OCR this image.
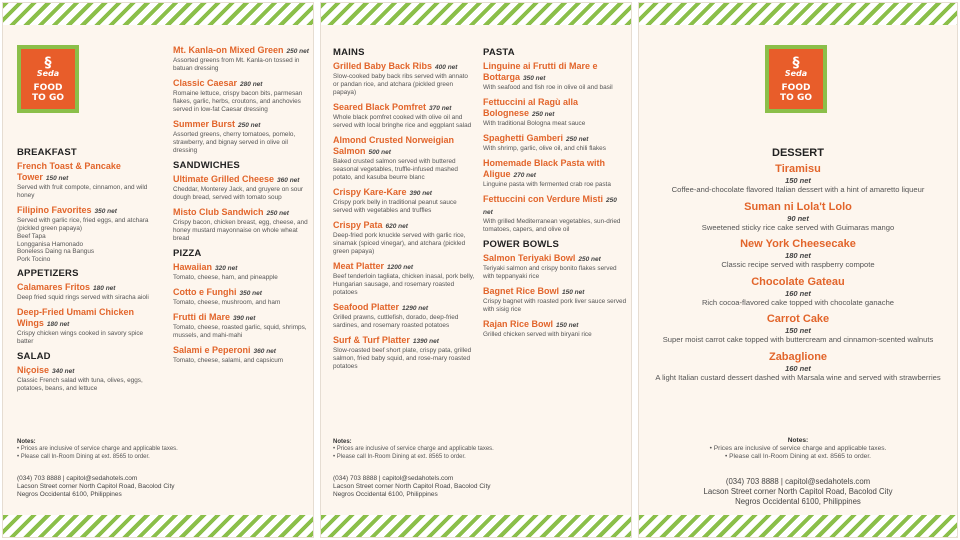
§
Seda
FOOD
TO GO
BREAKFAST
French Toast & Pancake Tower 150 net
Served with fruit compote, cinnamon, and wild honey
Filipino Favorites 350 net
Served with garlic rice, fried eggs, and atchara (pickled green papaya)
Beef Tapa
Longganisa Hamonado
Boneless Daing na Bangus
Pork Tocino
APPETIZERS
Calamares Fritos 180 net
Deep fried squid rings served with siracha aioli
Deep-Fried Umami Chicken Wings 180 net
Crispy chicken wings cooked in savory spice batter
SALAD
Niçoise 340 net
Classic French salad with tuna, olives, eggs, potatoes, beans, and lettuce
Mt. Kanla-on Mixed Green 250 net
Assorted greens from Mt. Kanla-on tossed in batuan dressing
Classic Caesar 280 net
Romaine lettuce, crispy bacon bits, parmesan flakes, garlic, herbs, croutons, and anchovies served in low-fat Caesar dressing
Summer Burst 250 net
Assorted greens, cherry tomatoes, pomelo, strawberry, and bignay served in olive oil dressing
SANDWICHES
Ultimate Grilled Cheese 360 net
Cheddar, Monterey Jack, and gruyere on sour dough bread, served with tomato soup
Misto Club Sandwich 250 net
Crispy bacon, chicken breast, egg, cheese, and honey mustard mayonnaise on whole wheat bread
PIZZA
Hawaiian 320 net
Tomato, cheese, ham, and pineapple
Cotto e Funghi 350 net
Tomato, cheese, mushroom, and ham
Frutti di Mare 390 net
Tomato, cheese, roasted garlic, squid, shrimps, mussels, and mahi-mahi
Salami e Peperoni 360 net
Tomato, cheese, salami, and capsicum
Notes:
• Prices are inclusive of service charge and applicable taxes.
• Please call In-Room Dining at ext. 8565 to order.
(034) 703 8888 | capitol@sedahotels.com
Lacson Street corner North Capitol Road, Bacolod City
Negros Occidental 6100, Philippines
MAINS
Grilled Baby Back Ribs 400 net
Slow-cooked baby back ribs served with annato or pandan rice, and atchara (pickled green papaya)
Seared Black Pomfret 370 net
Whole black pomfret cooked with olive oil and served with local bringhe rice and eggplant salad
Almond Crusted Norweigian Salmon 500 net
Baked crusted salmon served with buttered seasonal vegetables, truffle-infused mashed potato, and kasuba beurre blanc
Crispy Kare-Kare 390 net
Crispy pork belly in traditional peanut sauce served with vegetables and truffles
Crispy Pata 620 net
Deep-fried pork knuckle served with garlic rice, sinamak (spiced vinegar), and atchara (pickled green papaya)
Meat Platter 1200 net
Beef tenderloin tagliata, chicken inasal, pork belly, Hungarian sausage, and rosemary roasted potatoes
Seafood Platter 1290 net
Grilled prawns, cuttlefish, dorado, deep-fried sardines, and rosemary roasted potatoes
Surf & Turf Platter 1390 net
Slow-roasted beef short plate, crispy pata, grilled salmon, fried baby squid, and rose-mary roasted potatoes
PASTA
Linguine ai Frutti di Mare e Bottarga 350 net
With seafood and fish roe in olive oil and basil
Fettuccini al Ragù alla Bolognese 250 net
With traditional Bologna meat sauce
Spaghetti Gamberi 250 net
With shrimp, garlic, olive oil, and chili flakes
Homemade Black Pasta with Aligue 270 net
Linguine pasta with fermented crab roe pasta
Fettuccini con Verdure Misti 250 net
With grilled Mediterranean vegetables, sun-dried tomatoes, capers, and olive oil
POWER BOWLS
Salmon Teriyaki Bowl 250 net
Teriyaki salmon and crispy bonito flakes served with teppanyaki rice
Bagnet Rice Bowl 150 net
Crispy bagnet with roasted pork liver sauce served with sisig rice
Rajan Rice Bowl 150 net
Grilled chicken served with biryani rice
Notes:
• Prices are inclusive of service charge and applicable taxes.
• Please call In-Room Dining at ext. 8565 to order.
(034) 703 8888 | capitol@sedahotels.com
Lacson Street corner North Capitol Road, Bacolod City
Negros Occidental 6100, Philippines
§
Seda
FOOD
TO GO
DESSERT
Tiramisu
150 net
Coffee-and-chocolate flavored Italian dessert with a hint of amaretto liqueur
Suman ni Lola't Lolo
90 net
Sweetened sticky rice cake served with Guimaras mango
New York Cheesecake
180 net
Classic recipe served with raspberry compote
Chocolate Gateau
160 net
Rich cocoa-flavored cake topped with chocolate ganache
Carrot Cake
150 net
Super moist carrot cake topped with buttercream and cinnamon-scented walnuts
Zabaglione
160 net
A light Italian custard dessert dashed with Marsala wine and served with strawberries
Notes:
• Prices are inclusive of service charge and applicable taxes.
• Please call In-Room Dining at ext. 8565 to order.
(034) 703 8888 | capitol@sedahotels.com
Lacson Street corner North Capitol Road, Bacolod City
Negros Occidental 6100, Philippines
